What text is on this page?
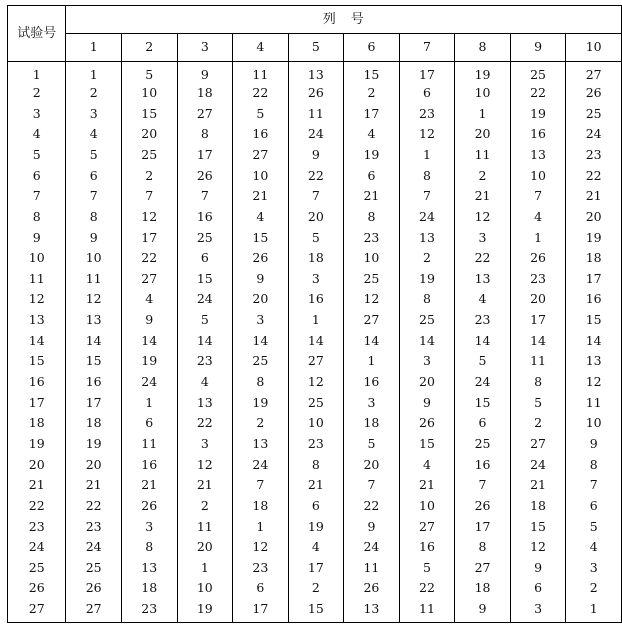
试验号	列　号									
	1	2	3	4	5	6	7	8	9	10
1	1	5	9	11	13	15	17	19	25	27
2	2	10	18	22	26	2	6	10	22	26
3	3	15	27	5	11	17	23	1	19	25
4	4	20	8	16	24	4	12	20	16	24
5	5	25	17	27	9	19	1	11	13	23
6	6	2	26	10	22	6	8	2	10	22
7	7	7	7	21	7	21	7	21	7	21
8	8	12	16	4	20	8	24	12	4	20
9	9	17	25	15	5	23	13	3	1	19
10	10	22	6	26	18	10	2	22	26	18
11	11	27	15	9	3	25	19	13	23	17
12	12	4	24	20	16	12	8	4	20	16
13	13	9	5	3	1	27	25	23	17	15
14	14	14	14	14	14	14	14	14	14	14
15	15	19	23	25	27	1	3	5	11	13
16	16	24	4	8	12	16	20	24	8	12
17	17	1	13	19	25	3	9	15	5	11
18	18	6	22	2	10	18	26	6	2	10
19	19	11	3	13	23	5	15	25	27	9
20	20	16	12	24	8	20	4	16	24	8
21	21	21	21	7	21	7	21	7	21	7
22	22	26	2	18	6	22	10	26	18	6
23	23	3	11	1	19	9	27	17	15	5
24	24	8	20	12	4	24	16	8	12	4
25	25	13	1	23	17	11	5	27	9	3
26	26	18	10	6	2	26	22	18	6	2
27	27	23	19	17	15	13	11	9	3	1
